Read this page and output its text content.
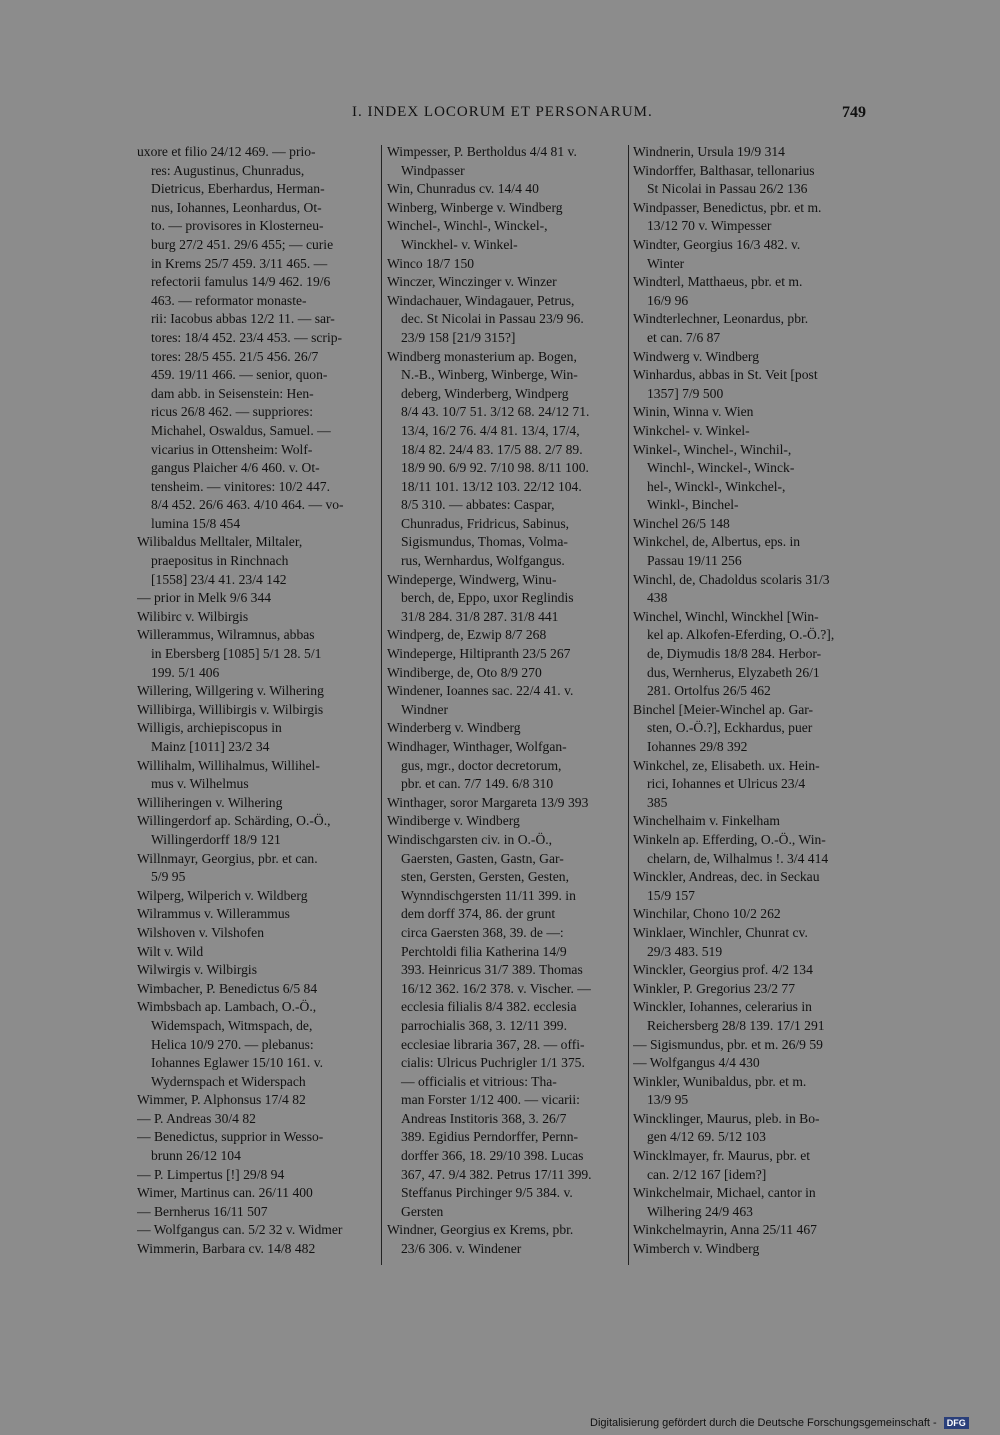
I. INDEX LOCORUM ET PERSONARUM.	749
uxore et filio 24/12 469. — prio-
res: Augustinus, Chunradus,
Dietricus, Eberhardus, Herman-
nus, Iohannes, Leonhardus, Ot-
to. — provisores in Klosterneu-
burg 27/2 451. 29/6 455; — curie
in Krems 25/7 459. 3/11 465. —
refectorii famulus 14/9 462. 19/6
463. — reformator monaste-
rii: Iacobus abbas 12/2 11. — sar-
tores: 18/4 452. 23/4 453. — scrip-
tores: 28/5 455. 21/5 456. 26/7
459. 19/11 466. — senior, quon-
dam abb. in Seisenstein: Hen-
ricus 26/8 462. — suppriores:
Michahel, Oswaldus, Samuel. —
vicarius in Ottensheim: Wolf-
gangus Plaicher 4/6 460. v. Ot-
tensheim. — vinitores: 10/2 447.
8/4 452. 26/6 463. 4/10 464. — vo-
lumina 15/8 454
Wilibaldus Melltaler, Miltaler,
praepositus in Rinchnach
[1558] 23/4 41. 23/4 142
— prior in Melk 9/6 344
Wilibirc v. Wilbirgis
Willerammus, Wilramnus, abbas
in Ebersberg [1085] 5/1 28. 5/1
199. 5/1 406
Willering, Willgering v. Wilhering
Willibirga, Willibirgis v. Wilbirgis
Willigis, archiepiscopus in
Mainz [1011] 23/2 34
Willihalm, Willihalmus, Willihel-
mus v. Wilhelmus
Williheringen v. Wilhering
Willingerdorf ap. Schärding, O.-Ö.,
Willingerdorff 18/9 121
Willnmayr, Georgius, pbr. et can.
5/9 95
Wilperg, Wilperich v. Wildberg
Wilrammus v. Willerammus
Wilshoven v. Vilshofen
Wilt v. Wild
Wilwirgis v. Wilbirgis
Wimbacher, P. Benedictus 6/5 84
Wimbsbach ap. Lambach, O.-Ö.,
Widemspach, Witmspach, de,
Helica 10/9 270. — plebanus:
Iohannes Eglawer 15/10 161. v.
Wydernspach et Widerspach
Wimmer, P. Alphonsus 17/4 82
— P. Andreas 30/4 82
— Benedictus, supprior in Wesso-
brunn 26/12 104
— P. Limpertus [!] 29/8 94
Wimer, Martinus can. 26/11 400
— Bernherus 16/11 507
— Wolfgangus can. 5/2 32 v. Widmer
Wimmerin, Barbara cv. 14/8 482
Wimpesser, P. Bertholdus 4/4 81 v.
Windpasser
Win, Chunradus cv. 14/4 40
Winberg, Winberge v. Windberg
Winchel-, Winchl-, Winckel-,
Winckhel- v. Winkel-
Winco 18/7 150
Winczer, Winczinger v. Winzer
Windachauer, Windagauer, Petrus,
dec. St Nicolai in Passau 23/9 96.
23/9 158 [21/9 315?]
Windberg monasterium ap. Bogen,
N.-B., Winberg, Winberge, Win-
deberg, Winderberg, Windperg
8/4 43. 10/7 51. 3/12 68. 24/12 71.
13/4, 16/2 76. 4/4 81. 13/4, 17/4,
18/4 82. 24/4 83. 17/5 88. 2/7 89.
18/9 90. 6/9 92. 7/10 98. 8/11 100.
18/11 101. 13/12 103. 22/12 104.
8/5 310. — abbates: Caspar,
Chunradus, Fridricus, Sabinus,
Sigismundus, Thomas, Volma-
rus, Wernhardus, Wolfgangus.
Windeperge, Windwerg, Winu-
berch, de, Eppo, uxor Reglindis
31/8 284. 31/8 287. 31/8 441
Windperg, de, Ezwip 8/7 268
Windeperge, Hiltipranth 23/5 267
Windiberge, de, Oto 8/9 270
Windener, Ioannes sac. 22/4 41. v.
Windner
Winderberg v. Windberg
Windhager, Winthager, Wolfgan-
gus, mgr., doctor decretorum,
pbr. et can. 7/7 149. 6/8 310
Winthager, soror Margareta 13/9 393
Windiberge v. Windberg
Windischgarsten civ. in O.-Ö.,
Gaersten, Gasten, Gastn, Gar-
sten, Gersten, Gersten, Gesten,
Wynndischgersten 11/11 399. in
dem dorff 374, 86. der grunt
circa Gaersten 368, 39. de —:
Perchtoldi filia Katherina 14/9
393. Heinricus 31/7 389. Thomas
16/12 362. 16/2 378. v. Vischer. —
ecclesia filialis 8/4 382. ecclesia
parrochialis 368, 3. 12/11 399.
ecclesiae libraria 367, 28. — offi-
cialis: Ulricus Puchrigler 1/1 375.
— officialis et vitrious: Tha-
man Forster 1/12 400. — vicarii:
Andreas Institoris 368, 3. 26/7
389. Egidius Perndorffer, Pernn-
dorffer 366, 18. 29/10 398. Lucas
367, 47. 9/4 382. Petrus 17/11 399.
Steffanus Pirchinger 9/5 384. v.
Gersten
Windner, Georgius ex Krems, pbr.
23/6 306. v. Windener
Windnerin, Ursula 19/9 314
Windorffer, Balthasar, tellonarius
St Nicolai in Passau 26/2 136
Windpasser, Benedictus, pbr. et m.
13/12 70 v. Wimpesser
Windter, Georgius 16/3 482. v.
Winter
Windterl, Matthaeus, pbr. et m.
16/9 96
Windterlechner, Leonardus, pbr.
et can. 7/6 87
Windwerg v. Windberg
Winhardus, abbas in St. Veit [post
1357] 7/9 500
Winin, Winna v. Wien
Winkchel- v. Winkel-
Winkel-, Winchel-, Winchil-,
Winchl-, Winckel-, Winck-
hel-, Winckl-, Winkchel-,
Winkl-, Binchel-
Winchel 26/5 148
Winkchel, de, Albertus, eps. in
Passau 19/11 256
Winchl, de, Chadoldus scolaris 31/3
438
Winchel, Winchl, Winckhel [Win-
kel ap. Alkofen-Eferding, O.-Ö.?],
de, Diymudis 18/8 284. Herbor-
dus, Wernherus, Elyzabeth 26/1
281. Ortolfus 26/5 462
Binchel [Meier-Winchel ap. Gar-
sten, O.-Ö.?], Eckhardus, puer
Iohannes 29/8 392
Winkchel, ze, Elisabeth. ux. Hein-
rici, Iohannes et Ulricus 23/4
385
Winchelhaim v. Finkelham
Winkeln ap. Efferding, O.-Ö., Win-
chelarn, de, Wilhalmus !. 3/4 414
Winckler, Andreas, dec. in Seckau
15/9 157
Winchilar, Chono 10/2 262
Winklaer, Winchler, Chunrat cv.
29/3 483. 519
Winckler, Georgius prof. 4/2 134
Winkler, P. Gregorius 23/2 77
Winckler, Iohannes, celerarius in
Reichersberg 28/8 139. 17/1 291
— Sigismundus, pbr. et m. 26/9 59
— Wolfgangus 4/4 430
Winkler, Wunibaldus, pbr. et m.
13/9 95
Wincklinger, Maurus, pleb. in Bo-
gen 4/12 69. 5/12 103
Wincklmayer, fr. Maurus, pbr. et
can. 2/12 167 [idem?]
Winkchelmair, Michael, cantor in
Wilhering 24/9 463
Winkchelmayrin, Anna 25/11 467
Wimberch v. Windberg
Digitalisierung gefördert durch die Deutsche Forschungsgemeinschaft - DFG
